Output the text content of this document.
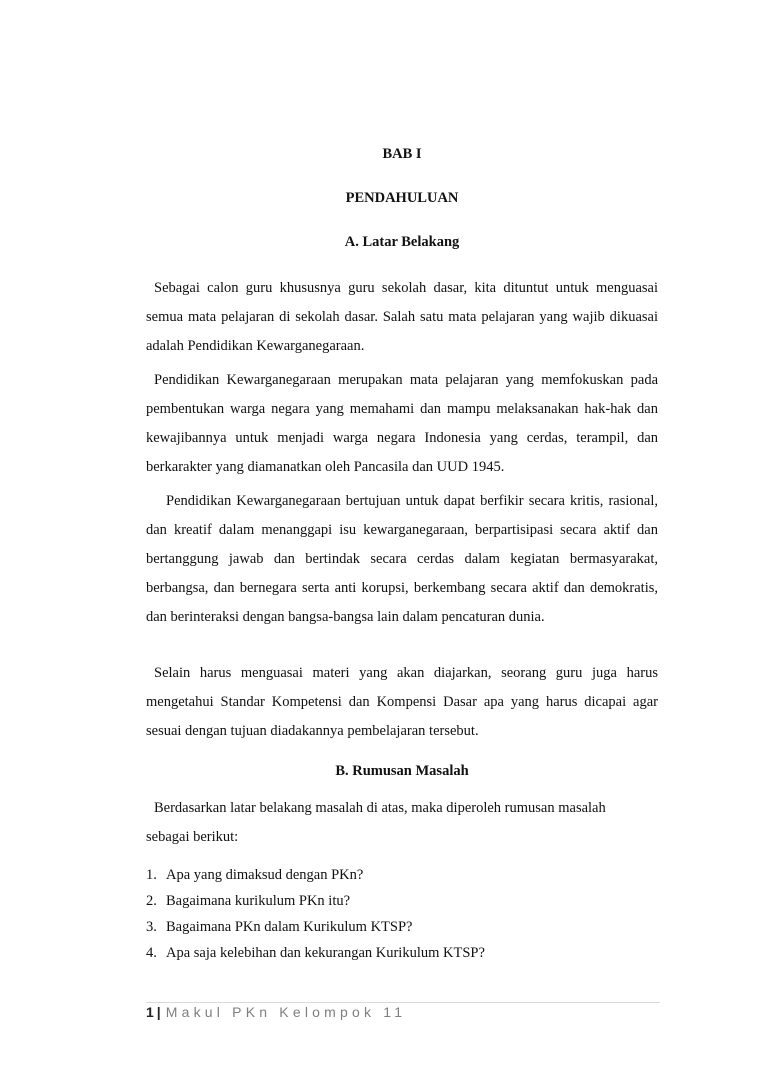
BAB I
PENDAHULUAN
A. Latar Belakang

Sebagai calon guru khususnya guru sekolah dasar, kita dituntut untuk menguasai semua mata pelajaran di sekolah dasar. Salah satu mata pelajaran yang wajib dikuasai adalah Pendidikan Kewarganegaraan.

Pendidikan Kewarganegaraan merupakan mata pelajaran yang memfokuskan pada pembentukan warga negara yang memahami dan mampu melaksanakan hak-hak dan kewajibannya untuk menjadi warga negara Indonesia yang cerdas, terampil, dan berkarakter yang diamanatkan oleh Pancasila dan UUD 1945.

Pendidikan Kewarganegaraan bertujuan untuk dapat berfikir secara kritis, rasional, dan kreatif dalam menanggapi isu kewarganegaraan, berpartisipasi secara aktif dan bertanggung jawab dan bertindak secara cerdas dalam kegiatan bermasyarakat, berbangsa, dan bernegara serta anti korupsi, berkembang secara aktif dan demokratis, dan berinteraksi dengan bangsa-bangsa lain dalam pencaturan dunia.

Selain harus menguasai materi yang akan diajarkan, seorang guru juga harus mengetahui Standar Kompetensi dan Kompensi Dasar apa yang harus dicapai agar sesuai dengan tujuan diadakannya pembelajaran tersebut.

B. Rumusan Masalah

Berdasarkan latar belakang masalah di atas, maka diperoleh rumusan masalah sebagai berikut:

1. Apa yang dimaksud dengan PKn?
2. Bagaimana kurikulum PKn itu?
3. Bagaimana PKn dalam Kurikulum KTSP?
4. Apa saja kelebihan dan kekurangan Kurikulum KTSP?
1 | Makul PKn Kelompok 11
